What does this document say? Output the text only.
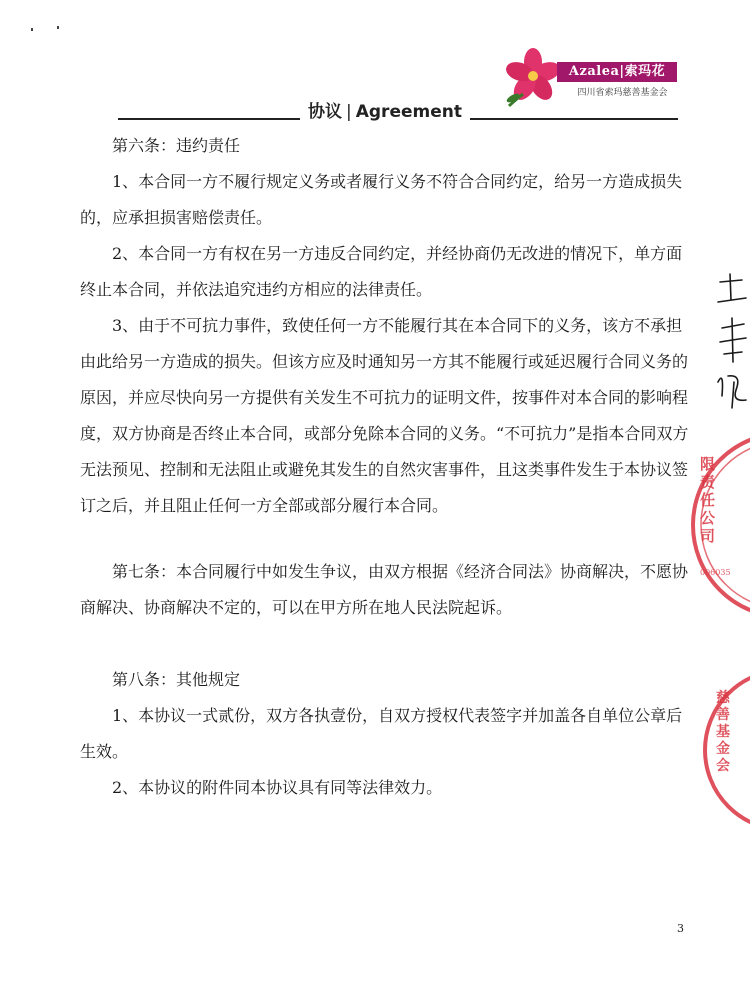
协议 | Agreement
Azalea|索玛花
四川省索玛慈善基金会

第六条：违约责任

1、本合同一方不履行规定义务或者履行义务不符合合同约定，给另一方造成损失的，应承担损害赔偿责任。

2、本合同一方有权在另一方违反合同约定，并经协商仍无改进的情况下，单方面终止本合同，并依法追究违约方相应的法律责任。

3、由于不可抗力事件，致使任何一方不能履行其在本合同下的义务，该方不承担由此给另一方造成的损失。但该方应及时通知另一方其不能履行或延迟履行合同义务的原因，并应尽快向另一方提供有关发生不可抗力的证明文件，按事件对本合同的影响程度，双方协商是否终止本合同，或部分免除本合同的义务。“不可抗力”是指本合同双方无法预见、控制和无法阻止或避免其发生的自然灾害事件，且这类事件发生于本协议签订之后，并且阻止任何一方全部或部分履行本合同。

第七条：本合同履行中如发生争议，由双方根据《经济合同法》协商解决，不愿协商解决、协商解决不定的，可以在甲方所在地人民法院起诉。

第八条：其他规定

1、本协议一式贰份，双方各执壹份，自双方授权代表签字并加盖各自单位公章后生效。

2、本协议的附件同本协议具有同等法律效力。

3
限责任公司
006035
慈善基金会
